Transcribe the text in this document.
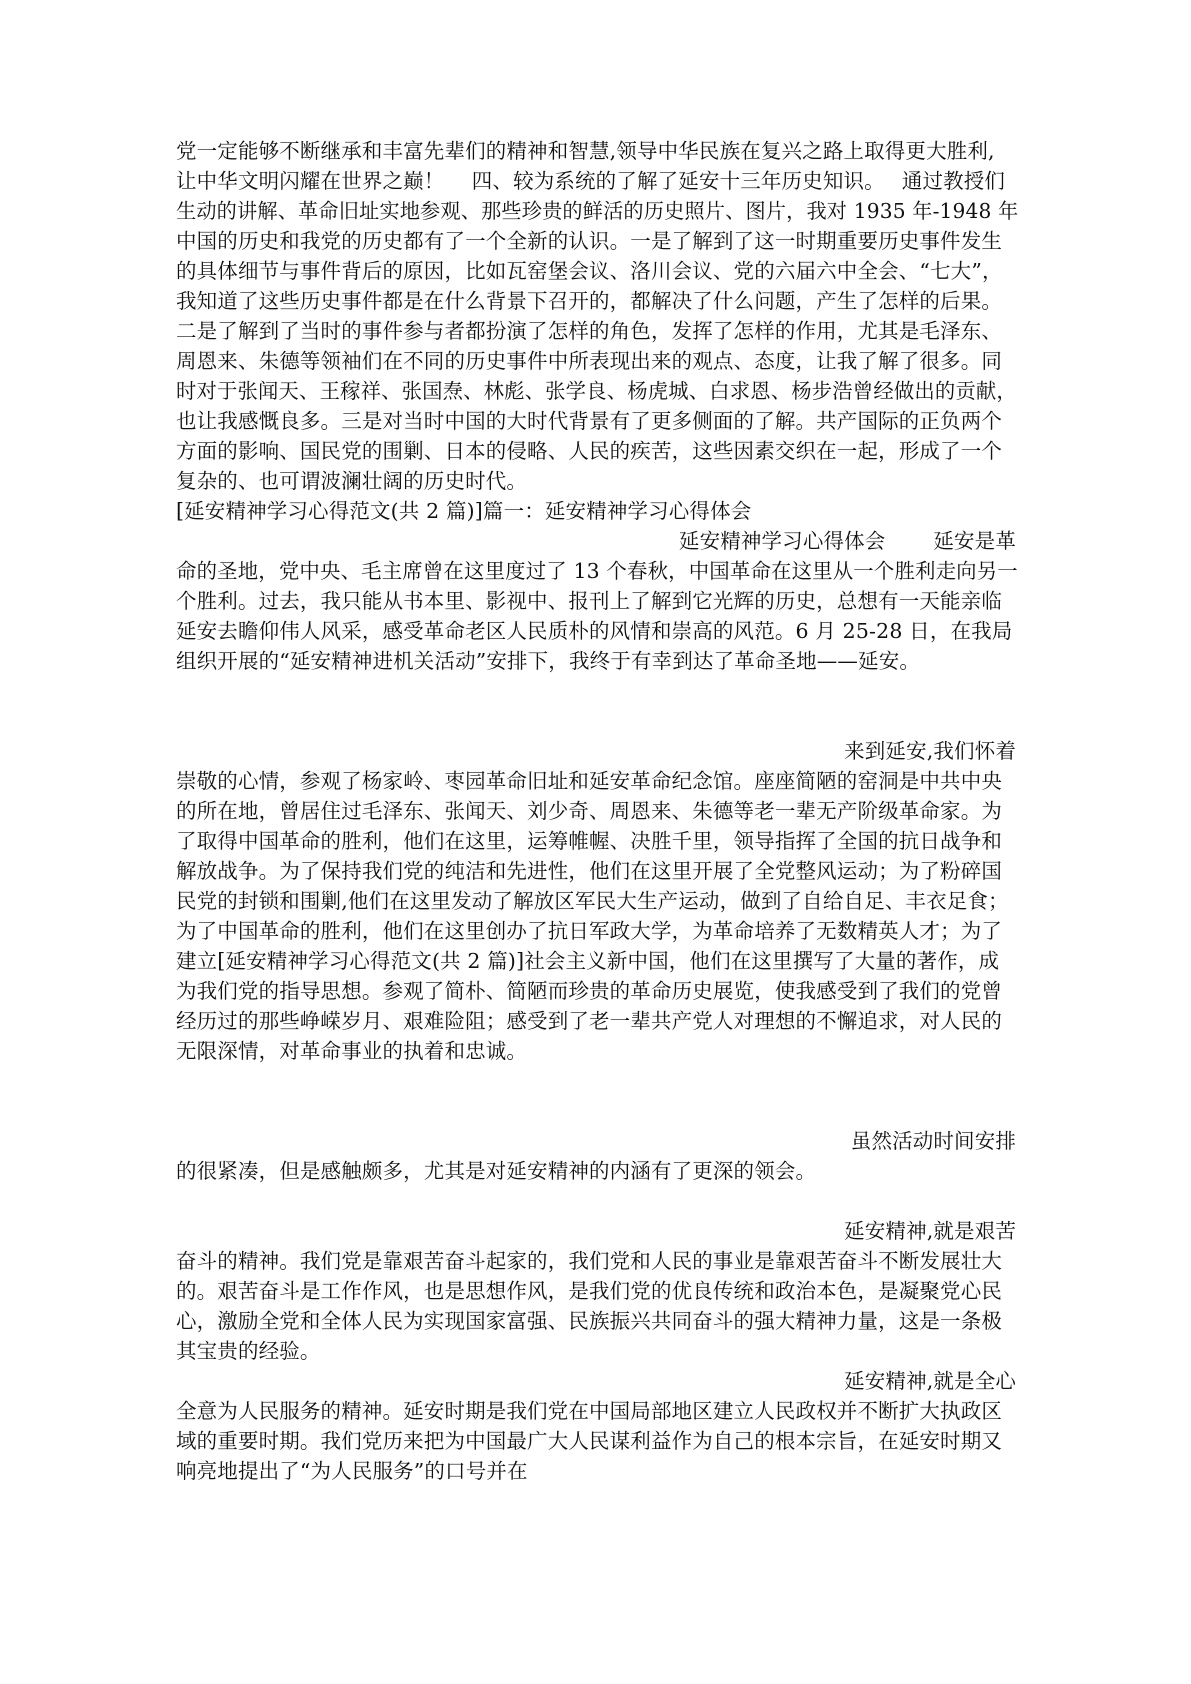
党一定能够不断继承和丰富先辈们的精神和智慧,领导中华民族在复兴之路上取得更大胜利,
让中华文明闪耀在世界之巅！　 四、较为系统的了解了延安十三年历史知识。　 通过教授们
生动的讲解、革命旧址实地参观、那些珍贵的鲜活的历史照片、图片，我对 1935 年-1948 年
中国的历史和我党的历史都有了一个全新的认识。一是了解到了这一时期重要历史事件发生
的具体细节与事件背后的原因，比如瓦窑堡会议、洛川会议、党的六届六中全会、“七大”，
我知道了这些历史事件都是在什么背景下召开的，都解决了什么问题，产生了怎样的后果。
二是了解到了当时的事件参与者都扮演了怎样的角色，发挥了怎样的作用，尤其是毛泽东、
周恩来、朱德等领袖们在不同的历史事件中所表现出来的观点、态度，让我了解了很多。同
时对于张闻天、王稼祥、张国焘、林彪、张学良、杨虎城、白求恩、杨步浩曾经做出的贡献，
也让我感慨良多。三是对当时中国的大时代背景有了更多侧面的了解。共产国际的正负两个
方面的影响、国民党的围剿、日本的侵略、人民的疾苦，这些因素交织在一起，形成了一个
复杂的、也可谓波澜壮阔的历史时代。
[延安精神学习心得范文(共 2 篇)]篇一：延安精神学习心得体会
延安精神学习心得体会　　 延安是革
命的圣地，党中央、毛主席曾在这里度过了 13 个春秋，中国革命在这里从一个胜利走向另一
个胜利。过去，我只能从书本里、影视中、报刊上了解到它光辉的历史，总想有一天能亲临
延安去瞻仰伟人风采，感受革命老区人民质朴的风情和崇高的风范。6 月 25-28 日，在我局
组织开展的“延安精神进机关活动”安排下，我终于有幸到达了革命圣地——延安。
来到延安,我们怀着
崇敬的心情，参观了杨家岭、枣园革命旧址和延安革命纪念馆。座座简陋的窑洞是中共中央
的所在地，曾居住过毛泽东、张闻天、刘少奇、周恩来、朱德等老一辈无产阶级革命家。为
了取得中国革命的胜利，他们在这里，运筹帷幄、决胜千里，领导指挥了全国的抗日战争和
解放战争。为了保持我们党的纯洁和先进性，他们在这里开展了全党整风运动；为了粉碎国
民党的封锁和围剿,他们在这里发动了解放区军民大生产运动，做到了自给自足、丰衣足食；
为了中国革命的胜利，他们在这里创办了抗日军政大学，为革命培养了无数精英人才；为了
建立[延安精神学习心得范文(共 2 篇)]社会主义新中国，他们在这里撰写了大量的著作，成
为我们党的指导思想。参观了简朴、简陋而珍贵的革命历史展览，使我感受到了我们的党曾
经历过的那些峥嵘岁月、艰难险阻；感受到了老一辈共产党人对理想的不懈追求，对人民的
无限深情，对革命事业的执着和忠诚。
虽然活动时间安排
的很紧凑，但是感触颇多，尤其是对延安精神的内涵有了更深的领会。
延安精神,就是艰苦
奋斗的精神。我们党是靠艰苦奋斗起家的，我们党和人民的事业是靠艰苦奋斗不断发展壮大
的。艰苦奋斗是工作作风，也是思想作风，是我们党的优良传统和政治本色，是凝聚党心民
心，激励全党和全体人民为实现国家富强、民族振兴共同奋斗的强大精神力量，这是一条极
其宝贵的经验。
延安精神,就是全心
全意为人民服务的精神。延安时期是我们党在中国局部地区建立人民政权并不断扩大执政区
域的重要时期。我们党历来把为中国最广大人民谋利益作为自己的根本宗旨，在延安时期又
响亮地提出了“为人民服务”的口号并在
